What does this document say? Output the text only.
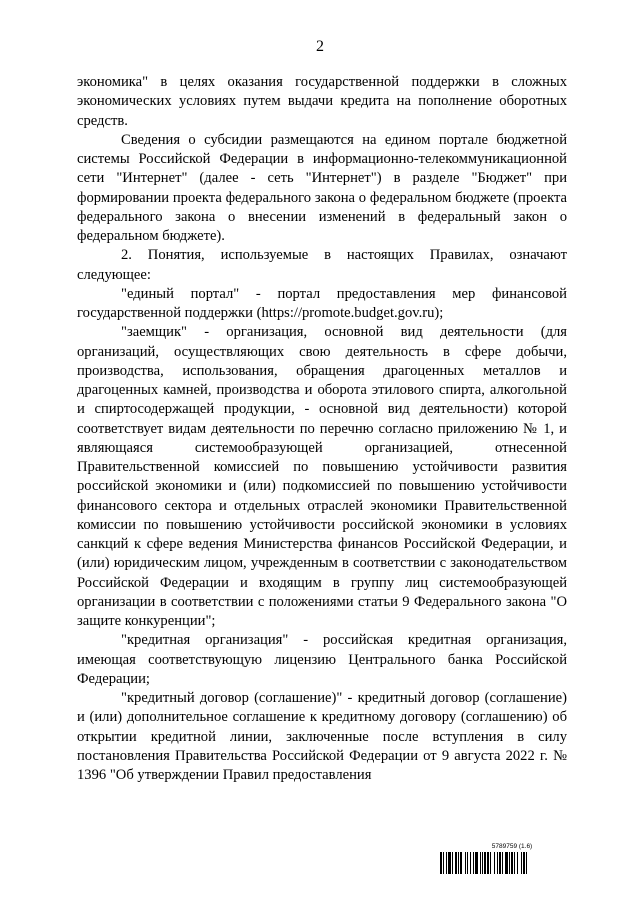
2

экономика" в целях оказания государственной поддержки в сложных экономических условиях путем выдачи кредита на пополнение оборотных средств.

Сведения о субсидии размещаются на едином портале бюджетной системы Российской Федерации в информационно-телекоммуникационной сети "Интернет" (далее - сеть "Интернет") в разделе "Бюджет" при формировании проекта федерального закона о федеральном бюджете (проекта федерального закона о внесении изменений в федеральный закон о федеральном бюджете).

2. Понятия, используемые в настоящих Правилах, означают следующее:

"единый портал" - портал предоставления мер финансовой государственной поддержки (https://promote.budget.gov.ru);

"заемщик" - организация, основной вид деятельности (для организаций, осуществляющих свою деятельность в сфере добычи, производства, использования, обращения драгоценных металлов и драгоценных камней, производства и оборота этилового спирта, алкогольной и спиртосодержащей продукции, - основной вид деятельности) которой соответствует видам деятельности по перечню согласно приложению № 1, и являющаяся системообразующей организацией, отнесенной Правительственной комиссией по повышению устойчивости развития российской экономики и (или) подкомиссией по повышению устойчивости финансового сектора и отдельных отраслей экономики Правительственной комиссии по повышению устойчивости российской экономики в условиях санкций к сфере ведения Министерства финансов Российской Федерации, и (или) юридическим лицом, учрежденным в соответствии с законодательством Российской Федерации и входящим в группу лиц системообразующей организации в соответствии с положениями статьи 9 Федерального закона "О защите конкуренции";

"кредитная организация" - российская кредитная организация, имеющая соответствующую лицензию Центрального банка Российской Федерации;

"кредитный договор (соглашение)" - кредитный договор (соглашение) и (или) дополнительное соглашение к кредитному договору (соглашению) об открытии кредитной линии, заключенные после вступления в силу постановления Правительства Российской Федерации от 9 августа 2022 г. № 1396 "Об утверждении Правил предоставления

5789759 (1.6)
